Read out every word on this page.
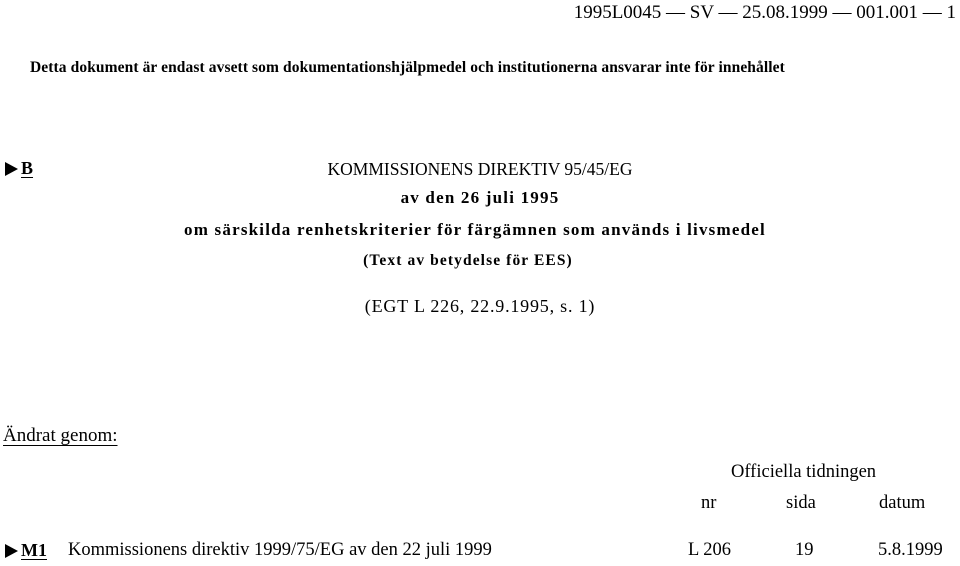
1995L0045 — SV — 25.08.1999 — 001.001 — 1
Detta dokument är endast avsett som dokumentationshjälpmedel och institutionerna ansvarar inte för innehållet
B	KOMMISSIONENS DIREKTIV 95/45/EG
av den 26 juli 1995
om särskilda renhetskriterier för färgämnen som används i livsmedel
(Text av betydelse för EES)
(EGT L 226, 22.9.1995, s. 1)
Ändrat genom:
Officiella tidningen
nr	sida	datum
M1 Kommissionens direktiv 1999/75/EG av den 22 juli 1999	L 206	19	5.8.1999
